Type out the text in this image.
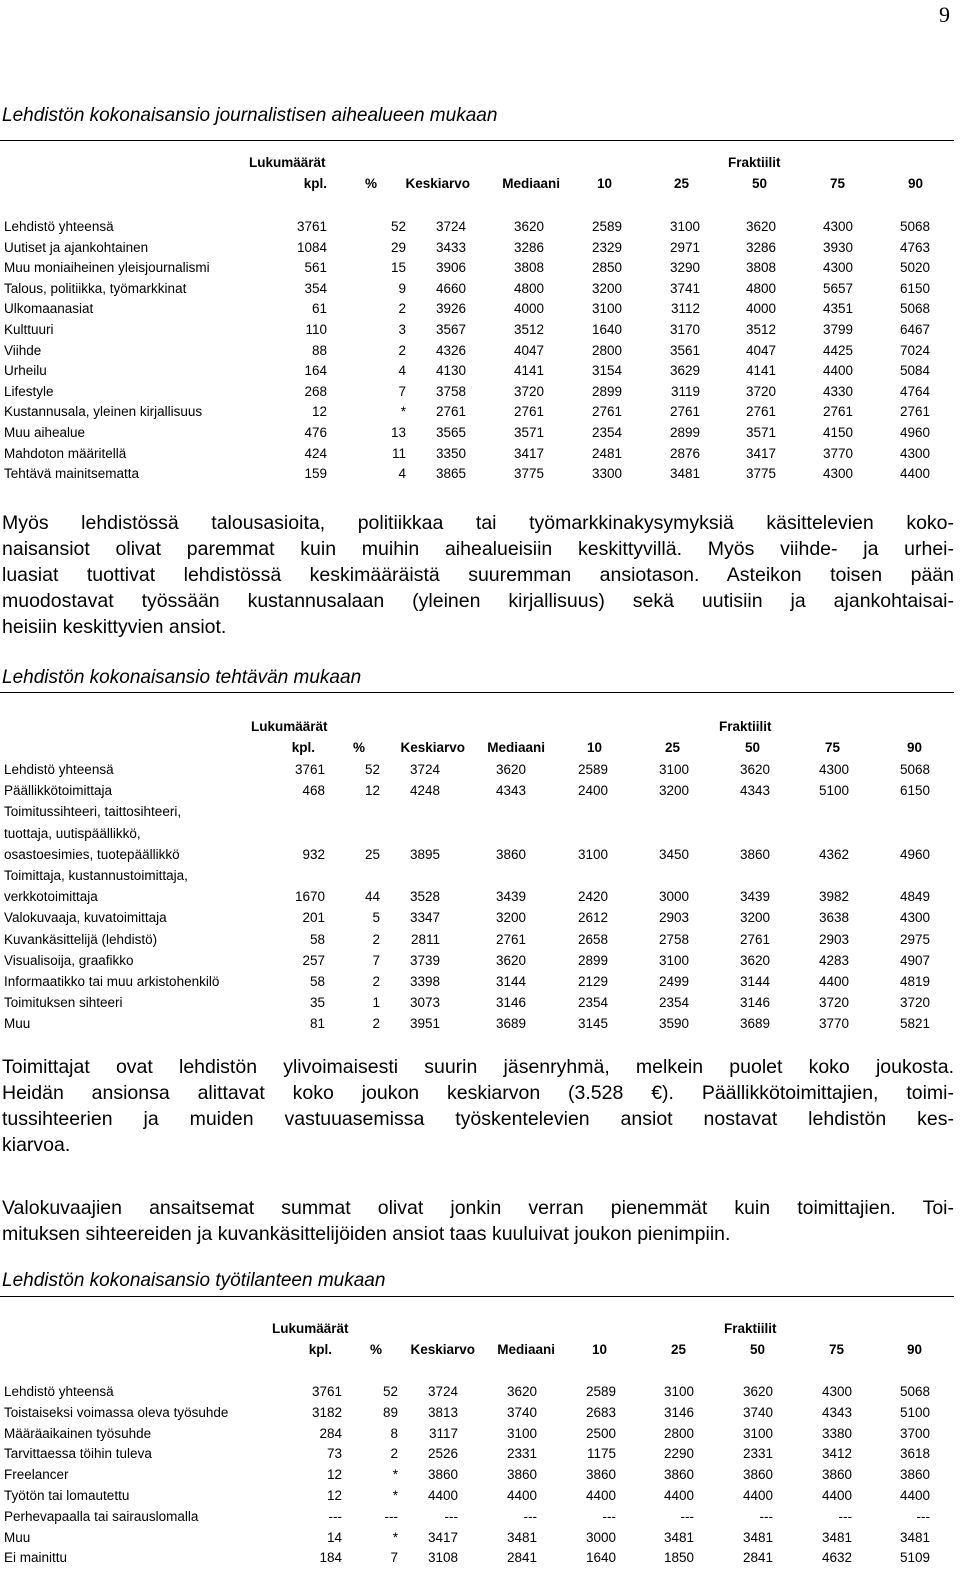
9
Lehdistön kokonaisansio journalistisen aihealueen mukaan
Lukumäärät	Fraktiilit
kpl.	% Keskiarvo Mediaani	10	25	50	75	90
Lehdistö yhteensä	3761	52 3724	3620	2589	3100	3620	4300	5068
Uutiset ja ajankohtainen	1084	29 3433	3286	2329	2971	3286	3930	4763
Muu moniaiheinen yleisjournalismi	561	15 3906	3808	2850	3290	3808	4300	5020
Talous, politiikka, työmarkkinat	354	9 4660	4800	3200	3741	4800	5657	6150
Ulkomaanasiat	61	2 3926	4000	3100	3112	4000	4351	5068
Kulttuuri	110	3 3567	3512	1640	3170	3512	3799	6467
Viihde	88	2 4326	4047	2800	3561	4047	4425	7024
Urheilu	164	4 4130	4141	3154	3629	4141	4400	5084
Lifestyle	268	7 3758	3720	2899	3119	3720	4330	4764
Kustannusala, yleinen kirjallisuus	12	* 2761	2761	2761	2761	2761	2761	2761
Muu aihealue	476	13 3565	3571	2354	2899	3571	4150	4960
Mahdoton määritellä	424	11 3350	3417	2481	2876	3417	3770	4300
Tehtävä mainitsematta	159	4 3865	3775	3300	3481	3775	4300	4400

Myös lehdistössä talousasioita, politiikkaa tai työmarkkinakysymyksiä käsittelevien koko-
naisansiot olivat paremmat kuin muihin aihealueisiin keskittyvillä. Myös viihde- ja urhei-
luasiat tuottivat lehdistössä keskimääräistä suuremman ansiotason. Asteikon toisen pään
muodostavat työssään kustannusalaan (yleinen kirjallisuus) sekä uutisiin ja ajankohtaisai-
heisiin keskittyvien ansiot.

Lehdistön kokonaisansio tehtävän mukaan
Lukumäärät	Fraktiilit
kpl.	%	Keskiarvo Mediaani	10	25	50	75	90
Lehdistö yhteensä	3761	52 3724	3620	2589	3100	3620	4300	5068
Päällikkötoimittaja	468	12 4248	4343	2400	3200	4343	5100	6150
Toimitussihteeri, taittosihteeri,
tuottaja, uutispäällikkö,
osastoesimies, tuotepäällikkö	932	25 3895	3860	3100	3450	3860	4362	4960
Toimittaja, kustannustoimittaja,
verkkotoimittaja	1670	44 3528	3439	2420	3000	3439	3982	4849
Valokuvaaja, kuvatoimittaja	201	5 3347	3200	2612	2903	3200	3638	4300
Kuvankäsittelijä (lehdistö)	58	2 2811	2761	2658	2758	2761	2903	2975
Visualisoija, graafikko	257	7 3739	3620	2899	3100	3620	4283	4907
Informaatikko tai muu arkistohenkilö	58	2 3398	3144	2129	2499	3144	4400	4819
Toimituksen sihteeri	35	1 3073	3146	2354	2354	3146	3720	3720
Muu	81	2 3951	3689	3145	3590	3689	3770	5821

Toimittajat ovat lehdistön ylivoimaisesti suurin jäsenryhmä, melkein puolet koko joukosta.
Heidän ansionsa alittavat koko joukon keskiarvon (3.528 €). Päällikkötoimittajien, toimi-
tussihteerien ja muiden vastuuasemissa työskentelevien ansiot nostavat lehdistön kes-
kiarvoa.

Valokuvaajien ansaitsemat summat olivat jonkin verran pienemmät kuin toimittajien. Toi-
mituksen sihteereiden ja kuvankäsittelijöiden ansiot taas kuuluivat joukon pienimpiin.

Lehdistön kokonaisansio työtilanteen mukaan
Lukumäärät	Fraktiilit
kpl.	% Keskiarvo Mediaani	10	25	50	75	90
Lehdistö yhteensä	3761	52 3724	3620	2589	3100	3620	4300	5068
Toistaiseksi voimassa oleva työsuhde	3182	89 3813	3740	2683	3146	3740	4343	5100
Määräaikainen työsuhde	284	8 3117	3100	2500	2800	3100	3380	3700
Tarvittaessa töihin tuleva	73	2 2526	2331	1175	2290	2331	3412	3618
Freelancer	12	* 3860	3860	3860	3860	3860	3860	3860
Työtön tai lomautettu	12	* 4400	4400	4400	4400	4400	4400	4400
Perhevapaalla tai sairauslomalla	---	---	---	---	---	---	---	---	---
Muu	14	* 3417	3481	3000	3481	3481	3481	3481
Ei mainittu	184	7 3108	2841	1640	1850	2841	4632	5109
